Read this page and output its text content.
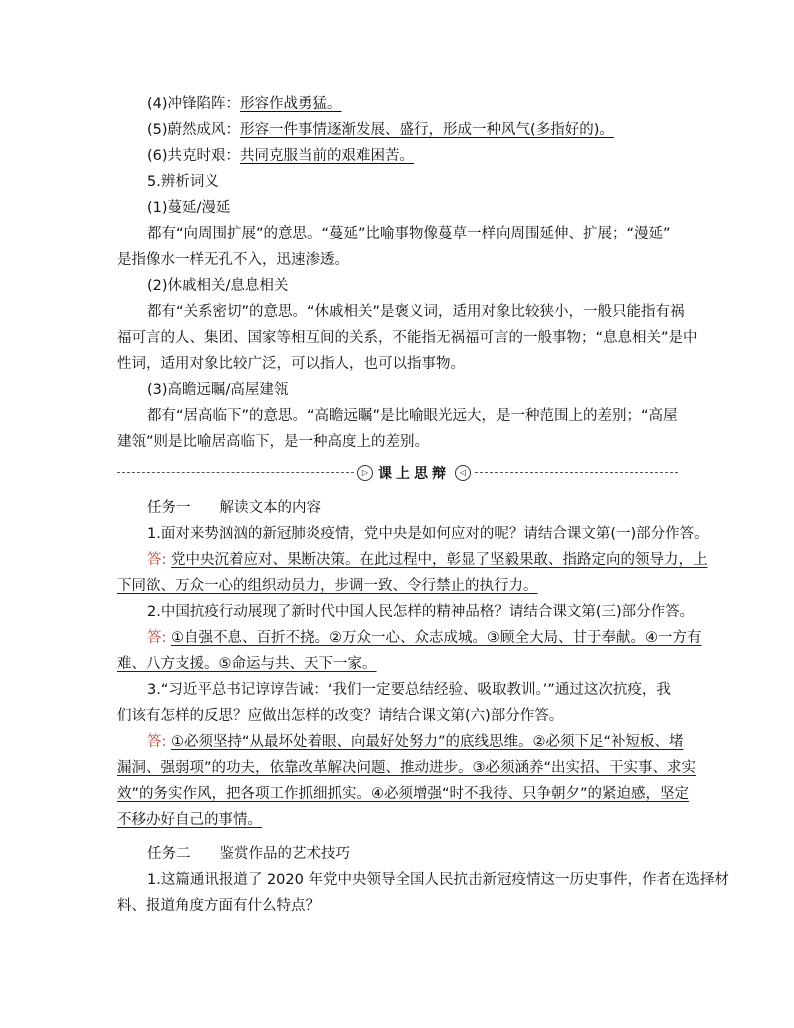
(4)冲锋陷阵：形容作战勇猛。
(5)蔚然成风：形容一件事情逐渐发展、盛行，形成一种风气(多指好的)。
(6)共克时艰：共同克服当前的艰难困苦。
5.辨析词义
(1)蔓延/漫延
都有“向周围扩展”的意思。“蔓延”比喻事物像蔓草一样向周围延伸、扩展；“漫延”
是指像水一样无孔不入，迅速渗透。
(2)休戚相关/息息相关
都有“关系密切”的意思。“休戚相关”是褒义词，适用对象比较狭小，一般只能指有祸
福可言的人、集团、国家等相互间的关系，不能指无祸福可言的一般事物；“息息相关”是中
性词，适用对象比较广泛，可以指人，也可以指事物。
(3)高瞻远瞩/高屋建瓴
都有“居高临下”的意思。“高瞻远瞩”是比喻眼光远大，是一种范围上的差别；“高屋
建瓴”则是比喻居高临下，是一种高度上的差别。
▷ 课上思辩	◁
任务一　　解读文本的内容
1.面对来势汹汹的新冠肺炎疫情，党中央是如何应对的呢？请结合课文第(一)部分作答。
答: 党中央沉着应对、果断决策。在此过程中，彰显了坚毅果敢、指路定向的领导力，上
下同欲、万众一心的组织动员力，步调一致、令行禁止的执行力。
2.中国抗疫行动展现了新时代中国人民怎样的精神品格？请结合课文第(三)部分作答。
答: ①自强不息、百折不挠。②万众一心、众志成城。③顾全大局、甘于奉献。④一方有
难、八方支援。⑤命运与共、天下一家。
3.“习近平总书记谆谆告诫：‘我们一定要总结经验、吸取教训。’”通过这次抗疫，我
们该有怎样的反思？应做出怎样的改变？请结合课文第(六)部分作答。
答: ①必须坚持“从最坏处着眼、向最好处努力”的底线思维。②必须下足“补短板、堵
漏洞、强弱项”的功夫，依靠改革解决问题、推动进步。③必须涵养“出实招、干实事、求实
效”的务实作风，把各项工作抓细抓实。④必须增强“时不我待、只争朝夕”的紧迫感，坚定
不移办好自己的事情。
任务二　　鉴赏作品的艺术技巧
1.这篇通讯报道了 2020 年党中央领导全国人民抗击新冠疫情这一历史事件，作者在选择材
料、报道角度方面有什么特点？
